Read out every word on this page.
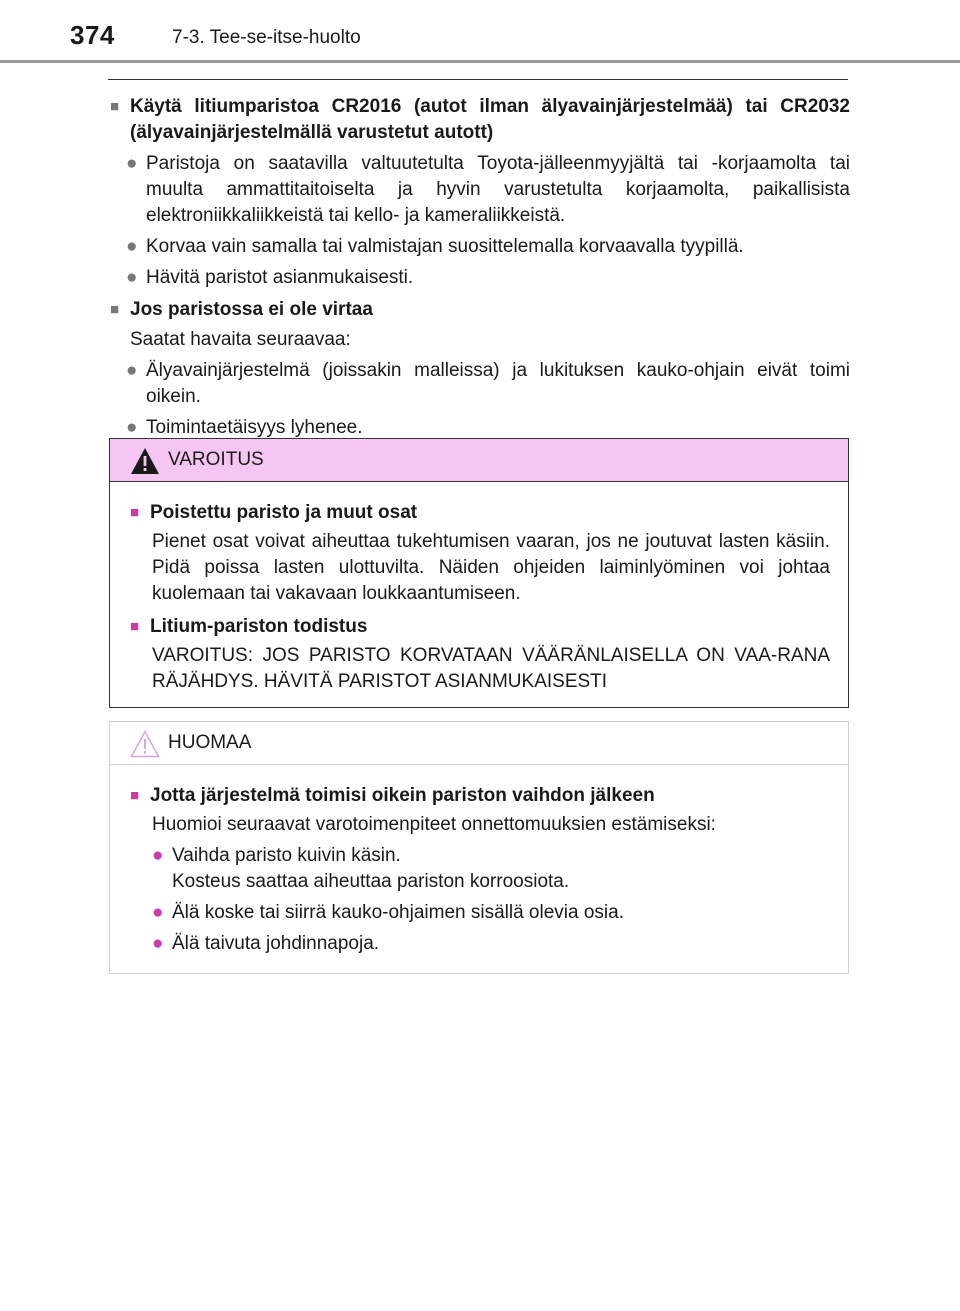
374	7-3. Tee-se-itse-huolto
■ Käytä litiumparistoa CR2016 (autot ilman älyavainjärjestelmää) tai CR2032 (älyavainjärjestelmällä varustetut autott)
● Paristoja on saatavilla valtuutetulta Toyota-jälleenmyyjältä tai -korjaamolta tai muulta ammattitaitoiselta ja hyvin varustetulta korjaamolta, paikallisista elektroniikkaliikkeistä tai kello- ja kameraliikkeistä.
● Korvaa vain samalla tai valmistajan suosittelemalla korvaavalla tyypillä.
● Hävitä paristot asianmukaisesti.
■ Jos paristossa ei ole virtaa
Saatat havaita seuraavaa:
● Älyavainjärjestelmä (joissakin malleissa) ja lukituksen kauko-ohjain eivät toimi oikein.
● Toimintaetäisyys lyhenee.
VAROITUS
■ Poistettu paristo ja muut osat
Pienet osat voivat aiheuttaa tukehtumisen vaaran, jos ne joutuvat lasten käsiin. Pidä poissa lasten ulottuvilta. Näiden ohjeiden laiminlyöminen voi johtaa kuolemaan tai vakavaan loukkaantumiseen.
■ Litium-pariston todistus
VAROITUS: JOS PARISTO KORVATAAN VÄÄRÄNLAISELLA ON VAA-RANA RÄJÄHDYS. HÄVITÄ PARISTOT ASIANMUKAISESTI
HUOMAA
■ Jotta järjestelmä toimisi oikein pariston vaihdon jälkeen
Huomioi seuraavat varotoimenpiteet onnettomuuksien estämiseksi:
● Vaihda paristo kuivin käsin.
Kosteus saattaa aiheuttaa pariston korroosiota.
● Älä koske tai siirrä kauko-ohjaimen sisällä olevia osia.
● Älä taivuta johdinnapoja.
